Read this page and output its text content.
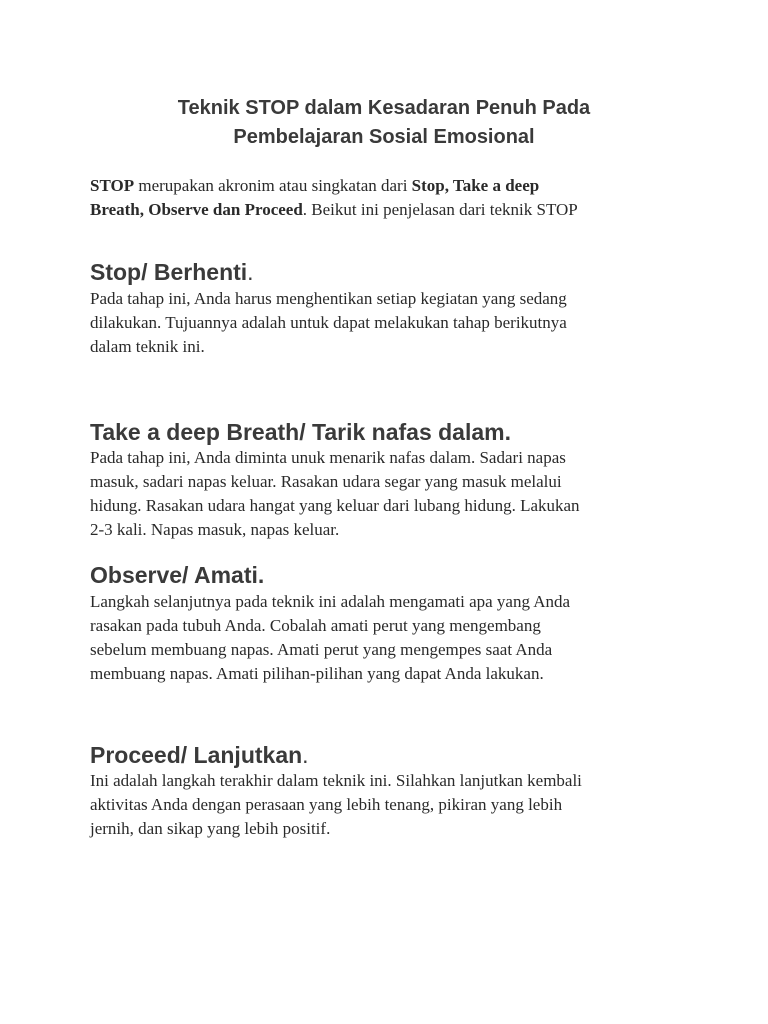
Teknik STOP dalam Kesadaran Penuh Pada
Pembelajaran Sosial Emosional

STOP merupakan akronim atau singkatan dari Stop, Take a deep
Breath, Observe dan Proceed. Beikut ini penjelasan dari teknik STOP

Stop/ Berhenti.

Pada tahap ini, Anda harus menghentikan setiap kegiatan yang sedang
dilakukan. Tujuannya adalah untuk dapat melakukan tahap berikutnya
dalam teknik ini.

Take a deep Breath/ Tarik nafas dalam.

Pada tahap ini, Anda diminta unuk menarik nafas dalam. Sadari napas
masuk, sadari napas keluar. Rasakan udara segar yang masuk melalui
hidung. Rasakan udara hangat yang keluar dari lubang hidung. Lakukan
2-3 kali. Napas masuk, napas keluar.

Observe/ Amati.

Langkah selanjutnya pada teknik ini adalah mengamati apa yang Anda
rasakan pada tubuh Anda. Cobalah amati perut yang mengembang
sebelum membuang napas. Amati perut yang mengempes saat Anda
membuang napas. Amati pilihan-pilihan yang dapat Anda lakukan.

Proceed/ Lanjutkan.

Ini adalah langkah terakhir dalam teknik ini. Silahkan lanjutkan kembali
aktivitas Anda dengan perasaan yang lebih tenang, pikiran yang lebih
jernih, dan sikap yang lebih positif.
